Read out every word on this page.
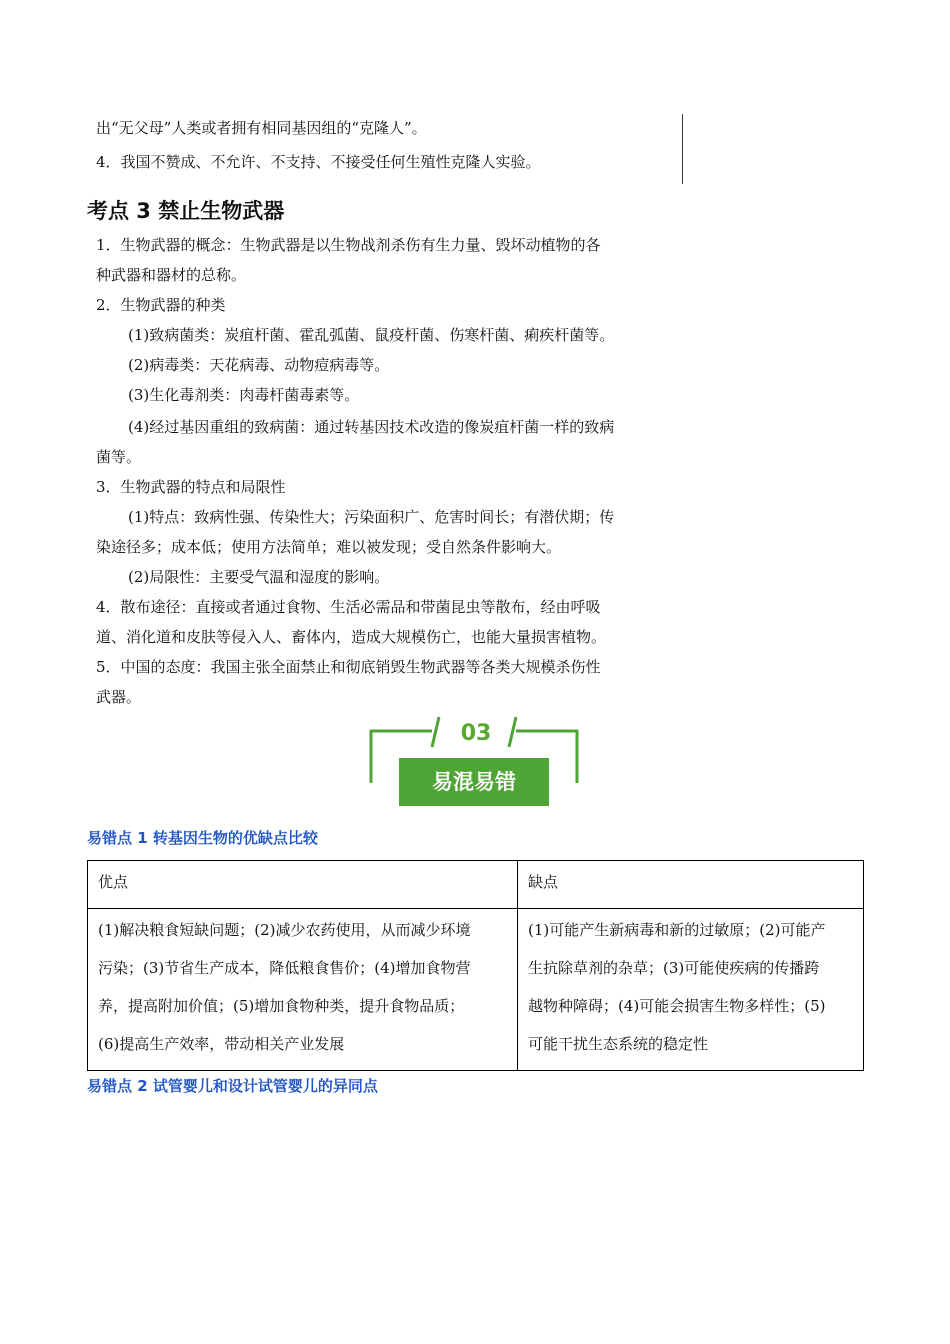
出“无父母”人类或者拥有相同基因组的“克隆人”。
4．我国不赞成、不允许、不支持、不接受任何生殖性克隆人实验。
考点 3 禁止生物武器
1．生物武器的概念：生物武器是以生物战剂杀伤有生力量、毁坏动植物的各
种武器和器材的总称。
2．生物武器的种类
(1)致病菌类：炭疽杆菌、霍乱弧菌、鼠疫杆菌、伤寒杆菌、痢疾杆菌等。
(2)病毒类：天花病毒、动物痘病毒等。
(3)生化毒剂类：肉毒杆菌毒素等。
(4)经过基因重组的致病菌：通过转基因技术改造的像炭疽杆菌一样的致病
菌等。
3．生物武器的特点和局限性
(1)特点：致病性强、传染性大；污染面积广、危害时间长；有潜伏期；传
染途径多；成本低；使用方法简单；难以被发现；受自然条件影响大。
(2)局限性：主要受气温和湿度的影响。
4．散布途径：直接或者通过食物、生活必需品和带菌昆虫等散布，经由呼吸
道、消化道和皮肤等侵入人、畜体内，造成大规模伤亡，也能大量损害植物。
5．中国的态度：我国主张全面禁止和彻底销毁生物武器等各类大规模杀伤性
武器。
03
易混易错
易错点 1 转基因生物的优缺点比较
优点	缺点
(1)解决粮食短缺问题；(2)减少农药使用，从而减少环境
污染；(3)节省生产成本，降低粮食售价；(4)增加食物营
养，提高附加价值；(5)增加食物种类，提升食物品质；
(6)提高生产效率，带动相关产业发展
(1)可能产生新病毒和新的过敏原；(2)可能产
生抗除草剂的杂草；(3)可能使疾病的传播跨
越物种障碍；(4)可能会损害生物多样性；(5)
可能干扰生态系统的稳定性
易错点 2 试管婴儿和设计试管婴儿的异同点
